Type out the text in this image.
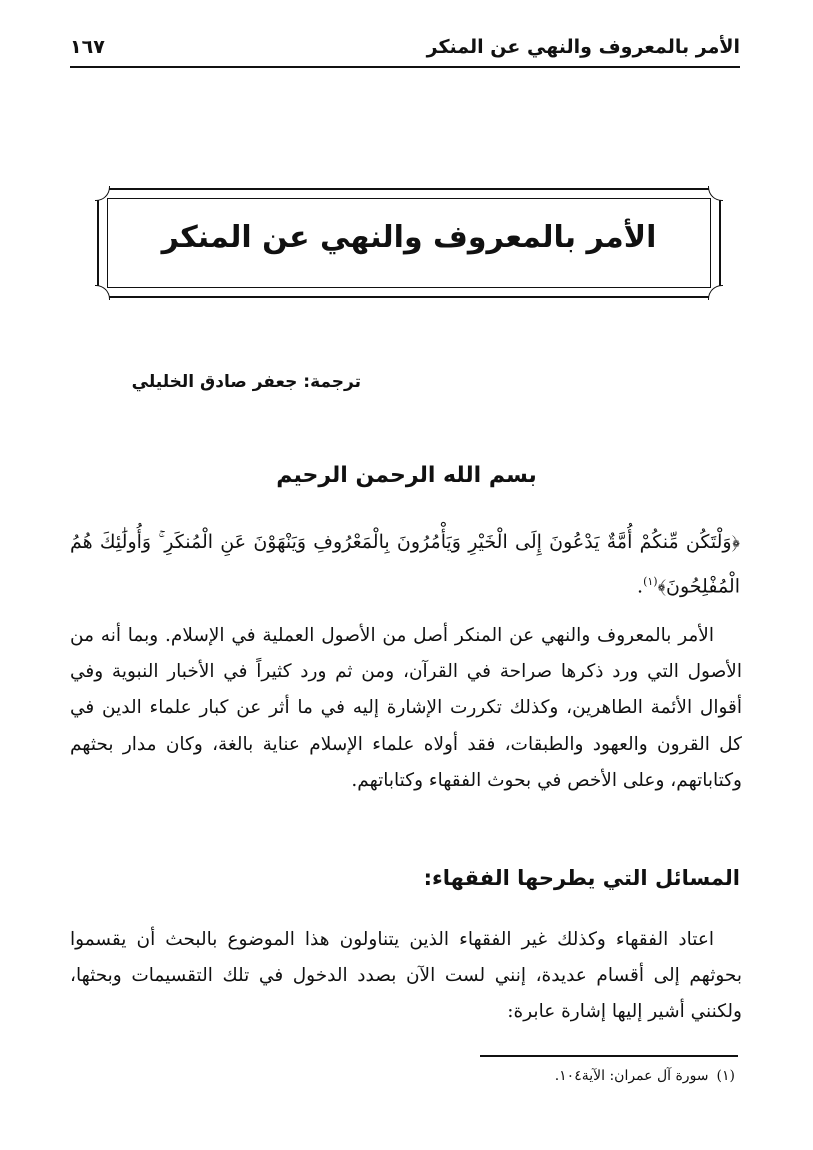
الأمر بالمعروف والنهي عن المنكر
١٦٧
الأمر بالمعروف والنهي عن المنكر
ترجمة: جعفر صادق الخليلي
بسم الله الرحمن الرحيم
﴿وَلْتَكُن مِّنكُمْ أُمَّةٌ يَدْعُونَ إِلَى الْخَيْرِ وَيَأْمُرُونَ بِالْمَعْرُوفِ وَيَنْهَوْنَ عَنِ الْمُنكَرِ ۚ وَأُولَٰئِكَ هُمُ الْمُفْلِحُونَ﴾$^{(١)}$.
الأمر بالمعروف والنهي عن المنكر أصل من الأصول العملية في الإسلام. وبما أنه من الأصول التي ورد ذكرها صراحة في القرآن، ومن ثم ورد كثيراً في الأخبار النبوية وفي أقوال الأئمة الطاهرين، وكذلك تكررت الإشارة إليه في ما أثر عن كبار علماء الدين في كل القرون والعهود والطبقات، فقد أولاه علماء الإسلام عناية بالغة، وكان مدار بحثهم وكتاباتهم، وعلى الأخص في بحوث الفقهاء وكتاباتهم.
المسائل التي يطرحها الفقهاء:
اعتاد الفقهاء وكذلك غير الفقهاء الذين يتناولون هذا الموضوع بالبحث أن يقسموا بحوثهم إلى أقسام عديدة، إنني لست الآن بصدد الدخول في تلك التقسيمات وبحثها، ولكنني أشير إليها إشارة عابرة:
(١)سورة آل عمران: الآية١٠٤.
